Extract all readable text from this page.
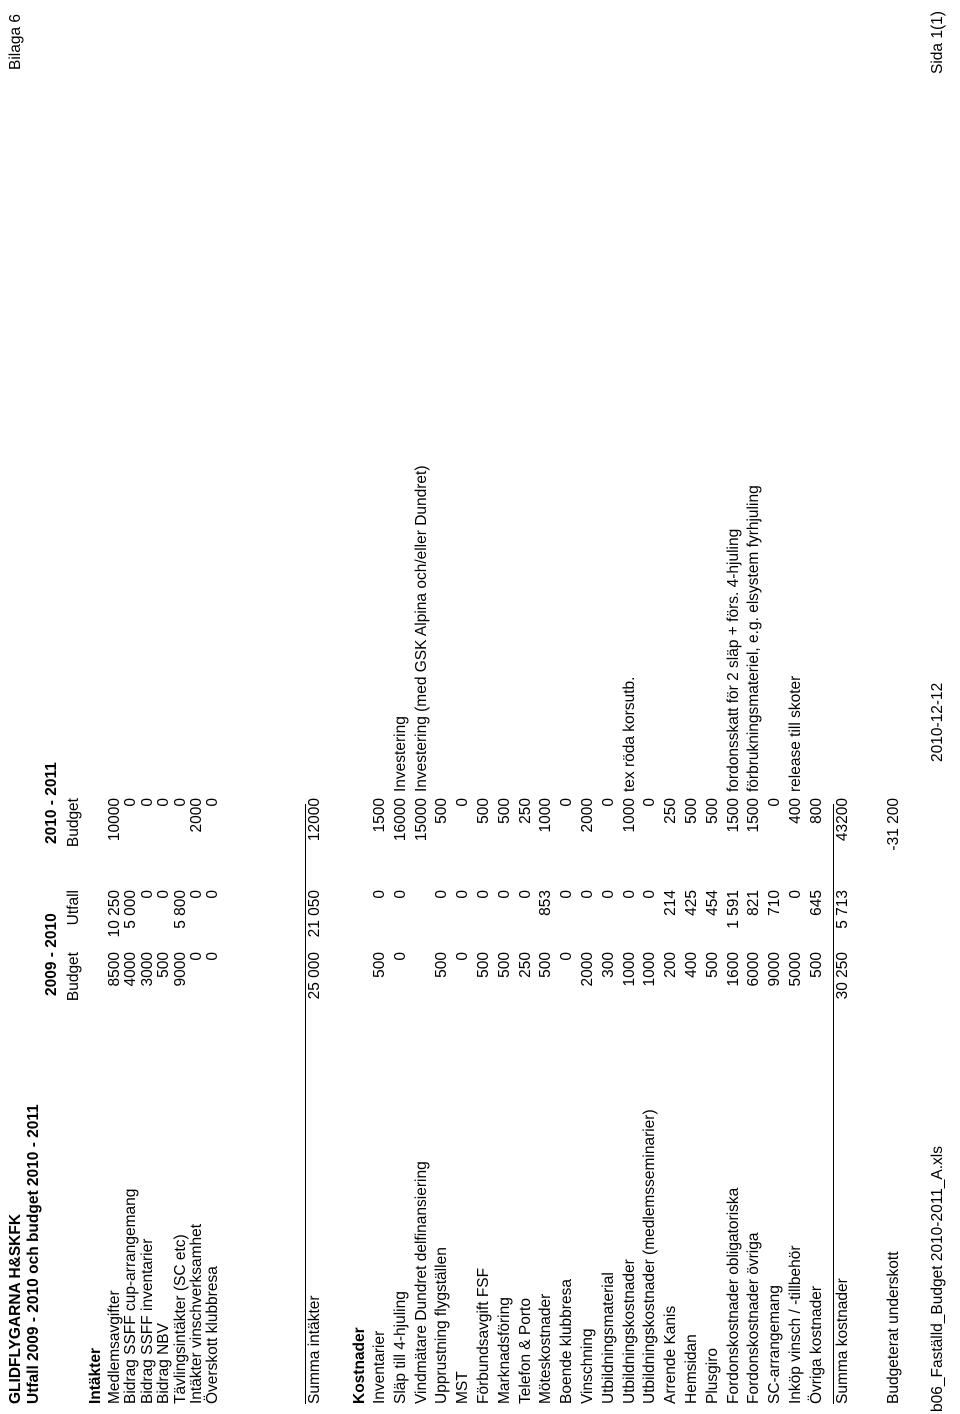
GLIDFLYGARNA H&SKFK Utfall 2009 - 2010 och budget 2010 - 2011
Bilaga 6
2009 - 2010
2010 - 2011
Budget
Utfall
Budget
Intäkter Medlemsavgifter
8500
10 250
10000
Bidrag SSFF cup-arrangemang
4000
5 000
0
Bidrag SSFF inventarier
3000
0
0
Bidrag NBV
500
0
0
Tävlingsintäkter (SC etc)
9000
5 800
0
Intäkter vinschverksamhet
0
0
2000
Överskott klubbresa
0
0
0
Summa intäkter
25 000
21 050
12000
Kostnader Inventarier
500
0
1500
Släp till 4-hjuling
0
0
16000
Investering
Vindmätare Dundret delfinansiering
15000
Investering (med GSK Alpina och/eller Dundret)
Upprustning flygställen
500
0
500
MST
0
0
0
Förbundsavgift FSF
500
0
500
Marknadsföring
500
0
500
Telefon & Porto
250
0
250
Möteskostnader
500
853
1000
Boende klubbresa
0
0
0
Vinschning
2000
0
2000
Utbildningsmaterial
300
0
0
Utbildningskostnader
1000
0
1000
tex röda korsutb.
Utbildningskostnader (medlemsseminarier)
1000
0
0
Arrende Kanis
200
214
250
Hemsidan
400
425
500
Plusgiro
500
454
500
Fordonskostnader obligatoriska
1600
1 591
1500
fordonsskatt för 2 släp + förs. 4-hjuling
Fordonskostnader övriga
6000
821
1500
förbrukningsmateriel, e.g. elsystem fyrhjuling
SC-arrangemang
9000
710
0
Inköp vinsch / -tillbehör
5000
0
400
release till skoter
Övriga kostnader
500
645
800
Summa kostnader
30 250
5 713
43200
Budgeterat underskott
-31 200
b06_Faställd_Budget 2010-2011_A.xls
2010-12-12
Sida 1(1)
